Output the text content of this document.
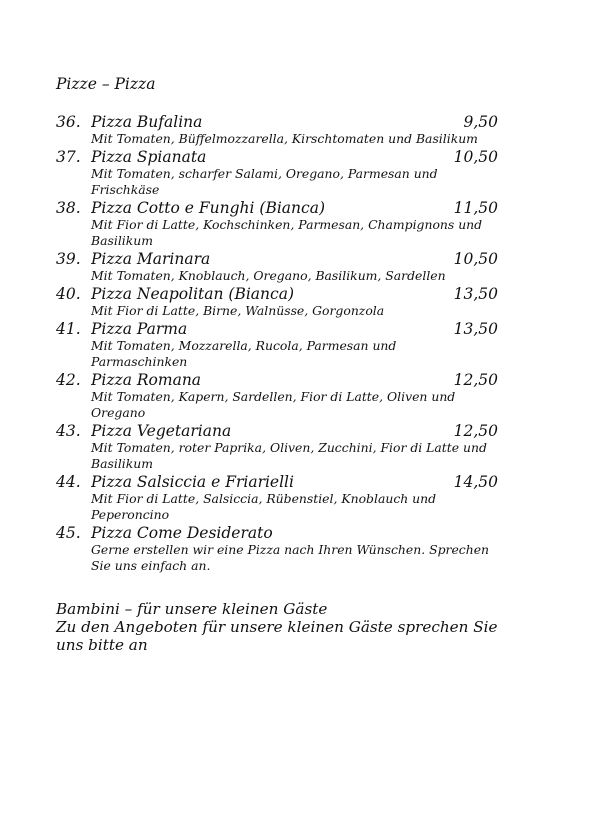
Pizze – Pizza
36. Pizza Bufalina	9,50

Mit Tomaten, Büffelmozzarella, Kirschtomaten und Basilikum

37. Pizza Spianata	10,50

Mit Tomaten, scharfer Salami, Oregano, Parmesan und Frischkäse

38. Pizza Cotto e Funghi (Bianca)	11,50

Mit Fior di Latte, Kochschinken, Parmesan, Champignons und Basilikum

39. Pizza Marinara	10,50

Mit Tomaten, Knoblauch, Oregano, Basilikum, Sardellen

40. Pizza Neapolitan (Bianca)	13,50

Mit Fior di Latte, Birne, Walnüsse, Gorgonzola

41. Pizza Parma	13,50

Mit Tomaten, Mozzarella, Rucola, Parmesan und Parmaschinken

42. Pizza Romana	12,50

Mit Tomaten, Kapern, Sardellen, Fior di Latte, Oliven und Oregano

43. Pizza Vegetariana	12,50

Mit Tomaten, roter Paprika, Oliven, Zucchini, Fior di Latte und Basilikum

44. Pizza Salsiccia e Friarielli	14,50

Mit Fior di Latte, Salsiccia, Rübenstiel, Knoblauch und Peperoncino

45. Pizza Come Desiderato

Gerne erstellen wir eine Pizza nach Ihren Wünschen. Sprechen Sie uns einfach an.

Bambini – für unsere kleinen Gäste

Zu den Angeboten für unsere kleinen Gäste sprechen Sie uns bitte an
